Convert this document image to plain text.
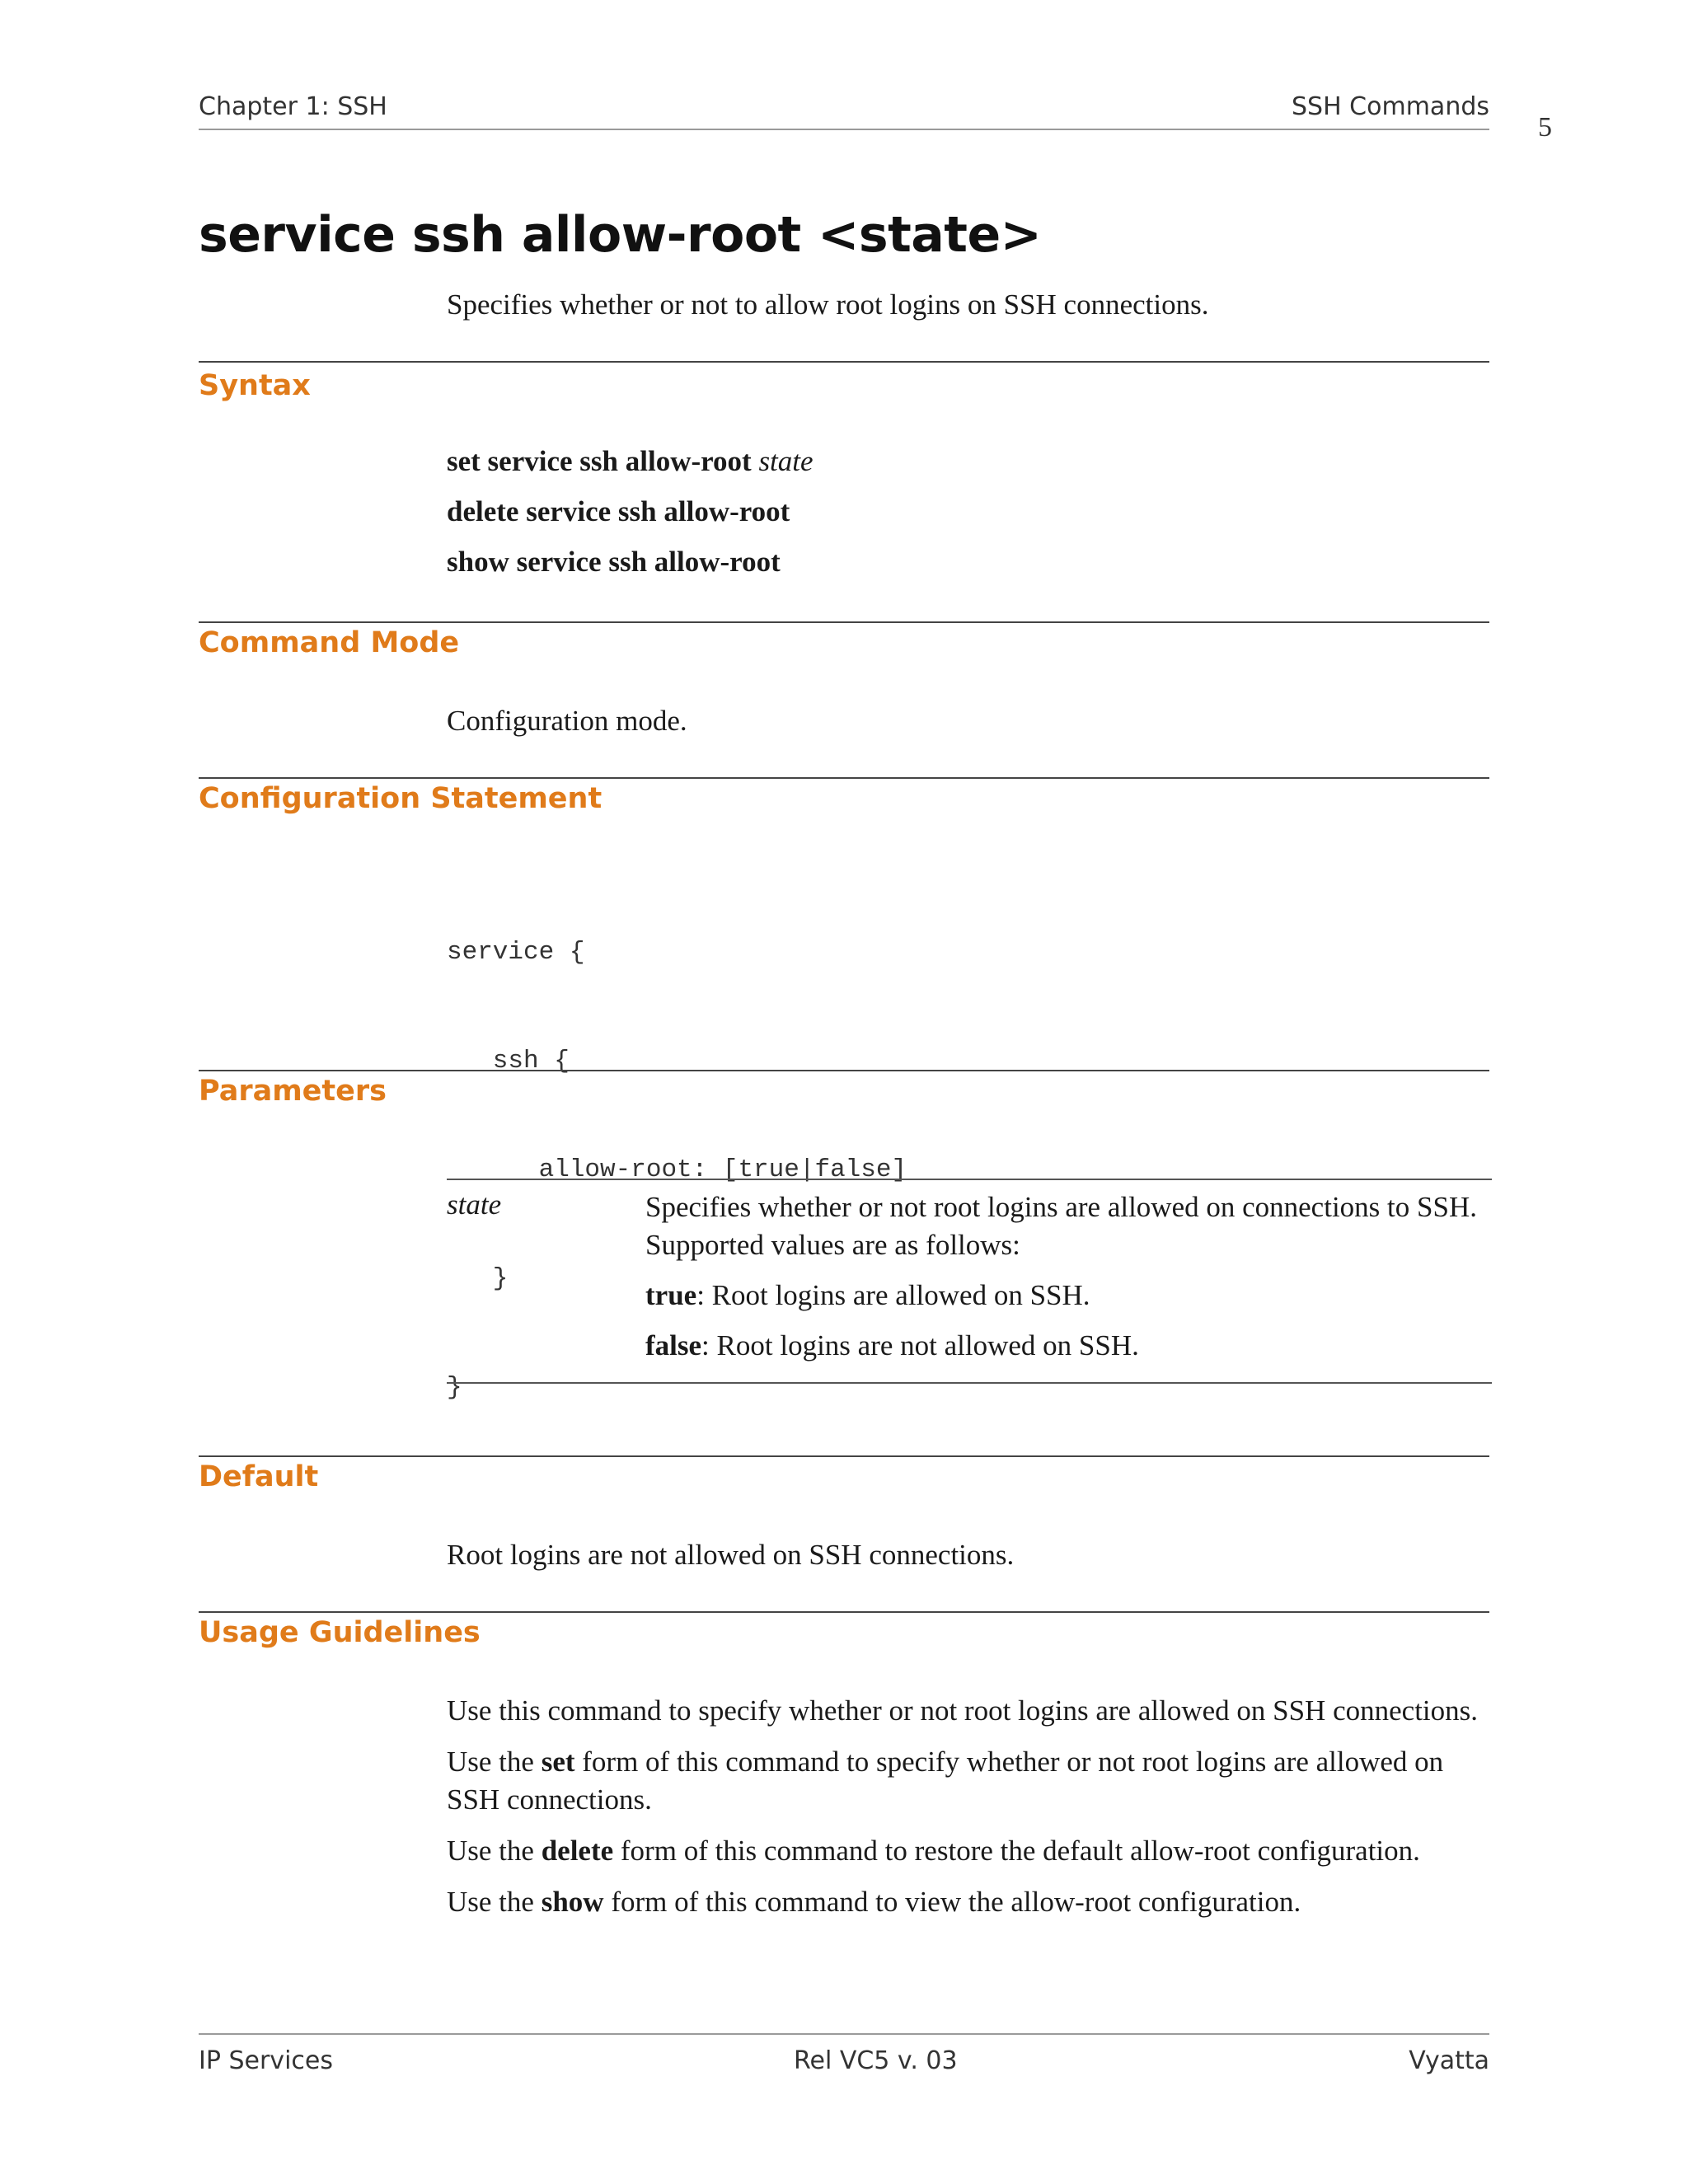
Chapter 1: SSH	SSH Commands
5
service ssh allow-root <state>
Specifies whether or not to allow root logins on SSH connections.
Syntax
set service ssh allow-root state
delete service ssh allow-root
show service ssh allow-root
Command Mode
Configuration mode.
Configuration Statement

service {

ssh {

allow-root: [true|false]

}

}

Parameters
state	Specifies whether or not root logins are allowed on connections to SSH. Supported values are as follows:

true: Root logins are allowed on SSH.

false: Root logins are not allowed on SSH.

Default
Root logins are not allowed on SSH connections.
Usage Guidelines

Use this command to specify whether or not root logins are allowed on SSH connections.

Use the set form of this command to specify whether or not root logins are allowed on SSH connections.

Use the delete form of this command to restore the default allow-root configuration.

Use the show form of this command to view the allow-root configuration.

IP Services	Rel VC5 v. 03	Vyatta
